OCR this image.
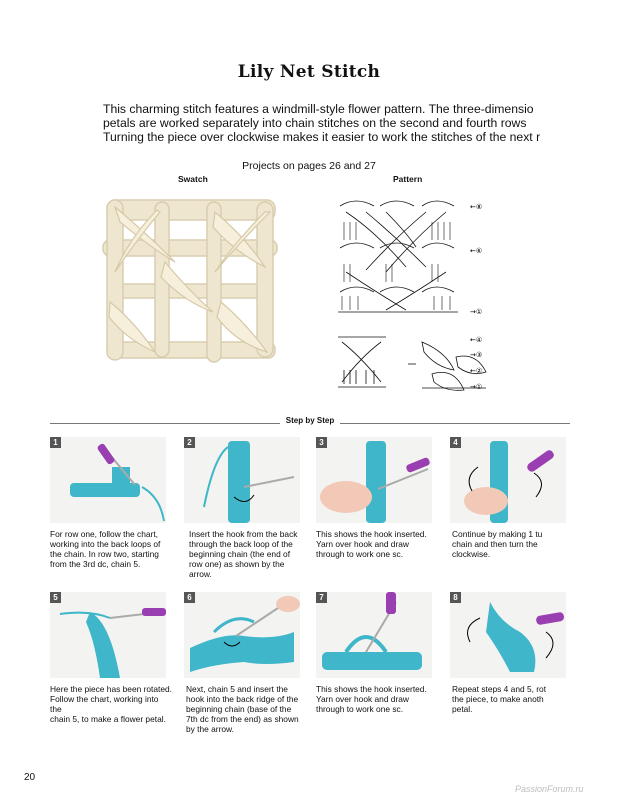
Lily Net Stitch
This charming stitch features a windmill-style flower pattern. The three-dimensio
petals are worked separately into chain stitches on the second and fourth rows
Turning the piece over clockwise makes it easier to work the stitches of the next r
Projects on pages 26 and 27
Swatch	Pattern
←⑧
←⑥
→①
←④
→③
←②
→①
Step by Step
1
For row one, follow the chart,
working into the back loops of
the chain. In row two, starting
from the 3rd dc, chain 5.
2
Insert the hook from the back
through the back loop of the
beginning chain (the end of
row one) as shown by the
arrow.
3
This shows the hook inserted.
Yarn over hook and draw
through to work one sc.
4
Continue by making 1 tu
chain and then turn the
clockwise.
5
Here the piece has been rotated.
Follow the chart, working into the
chain 5, to make a flower petal.
6
Next, chain 5 and insert the
hook into the back ridge of the
beginning chain (base of the
7th dc from the end) as shown
by the arrow.
7
This shows the hook inserted.
Yarn over hook and draw
through to work one sc.
8
Repeat steps 4 and 5, rot
the piece, to make anoth
petal.
20
PassionForum.ru
